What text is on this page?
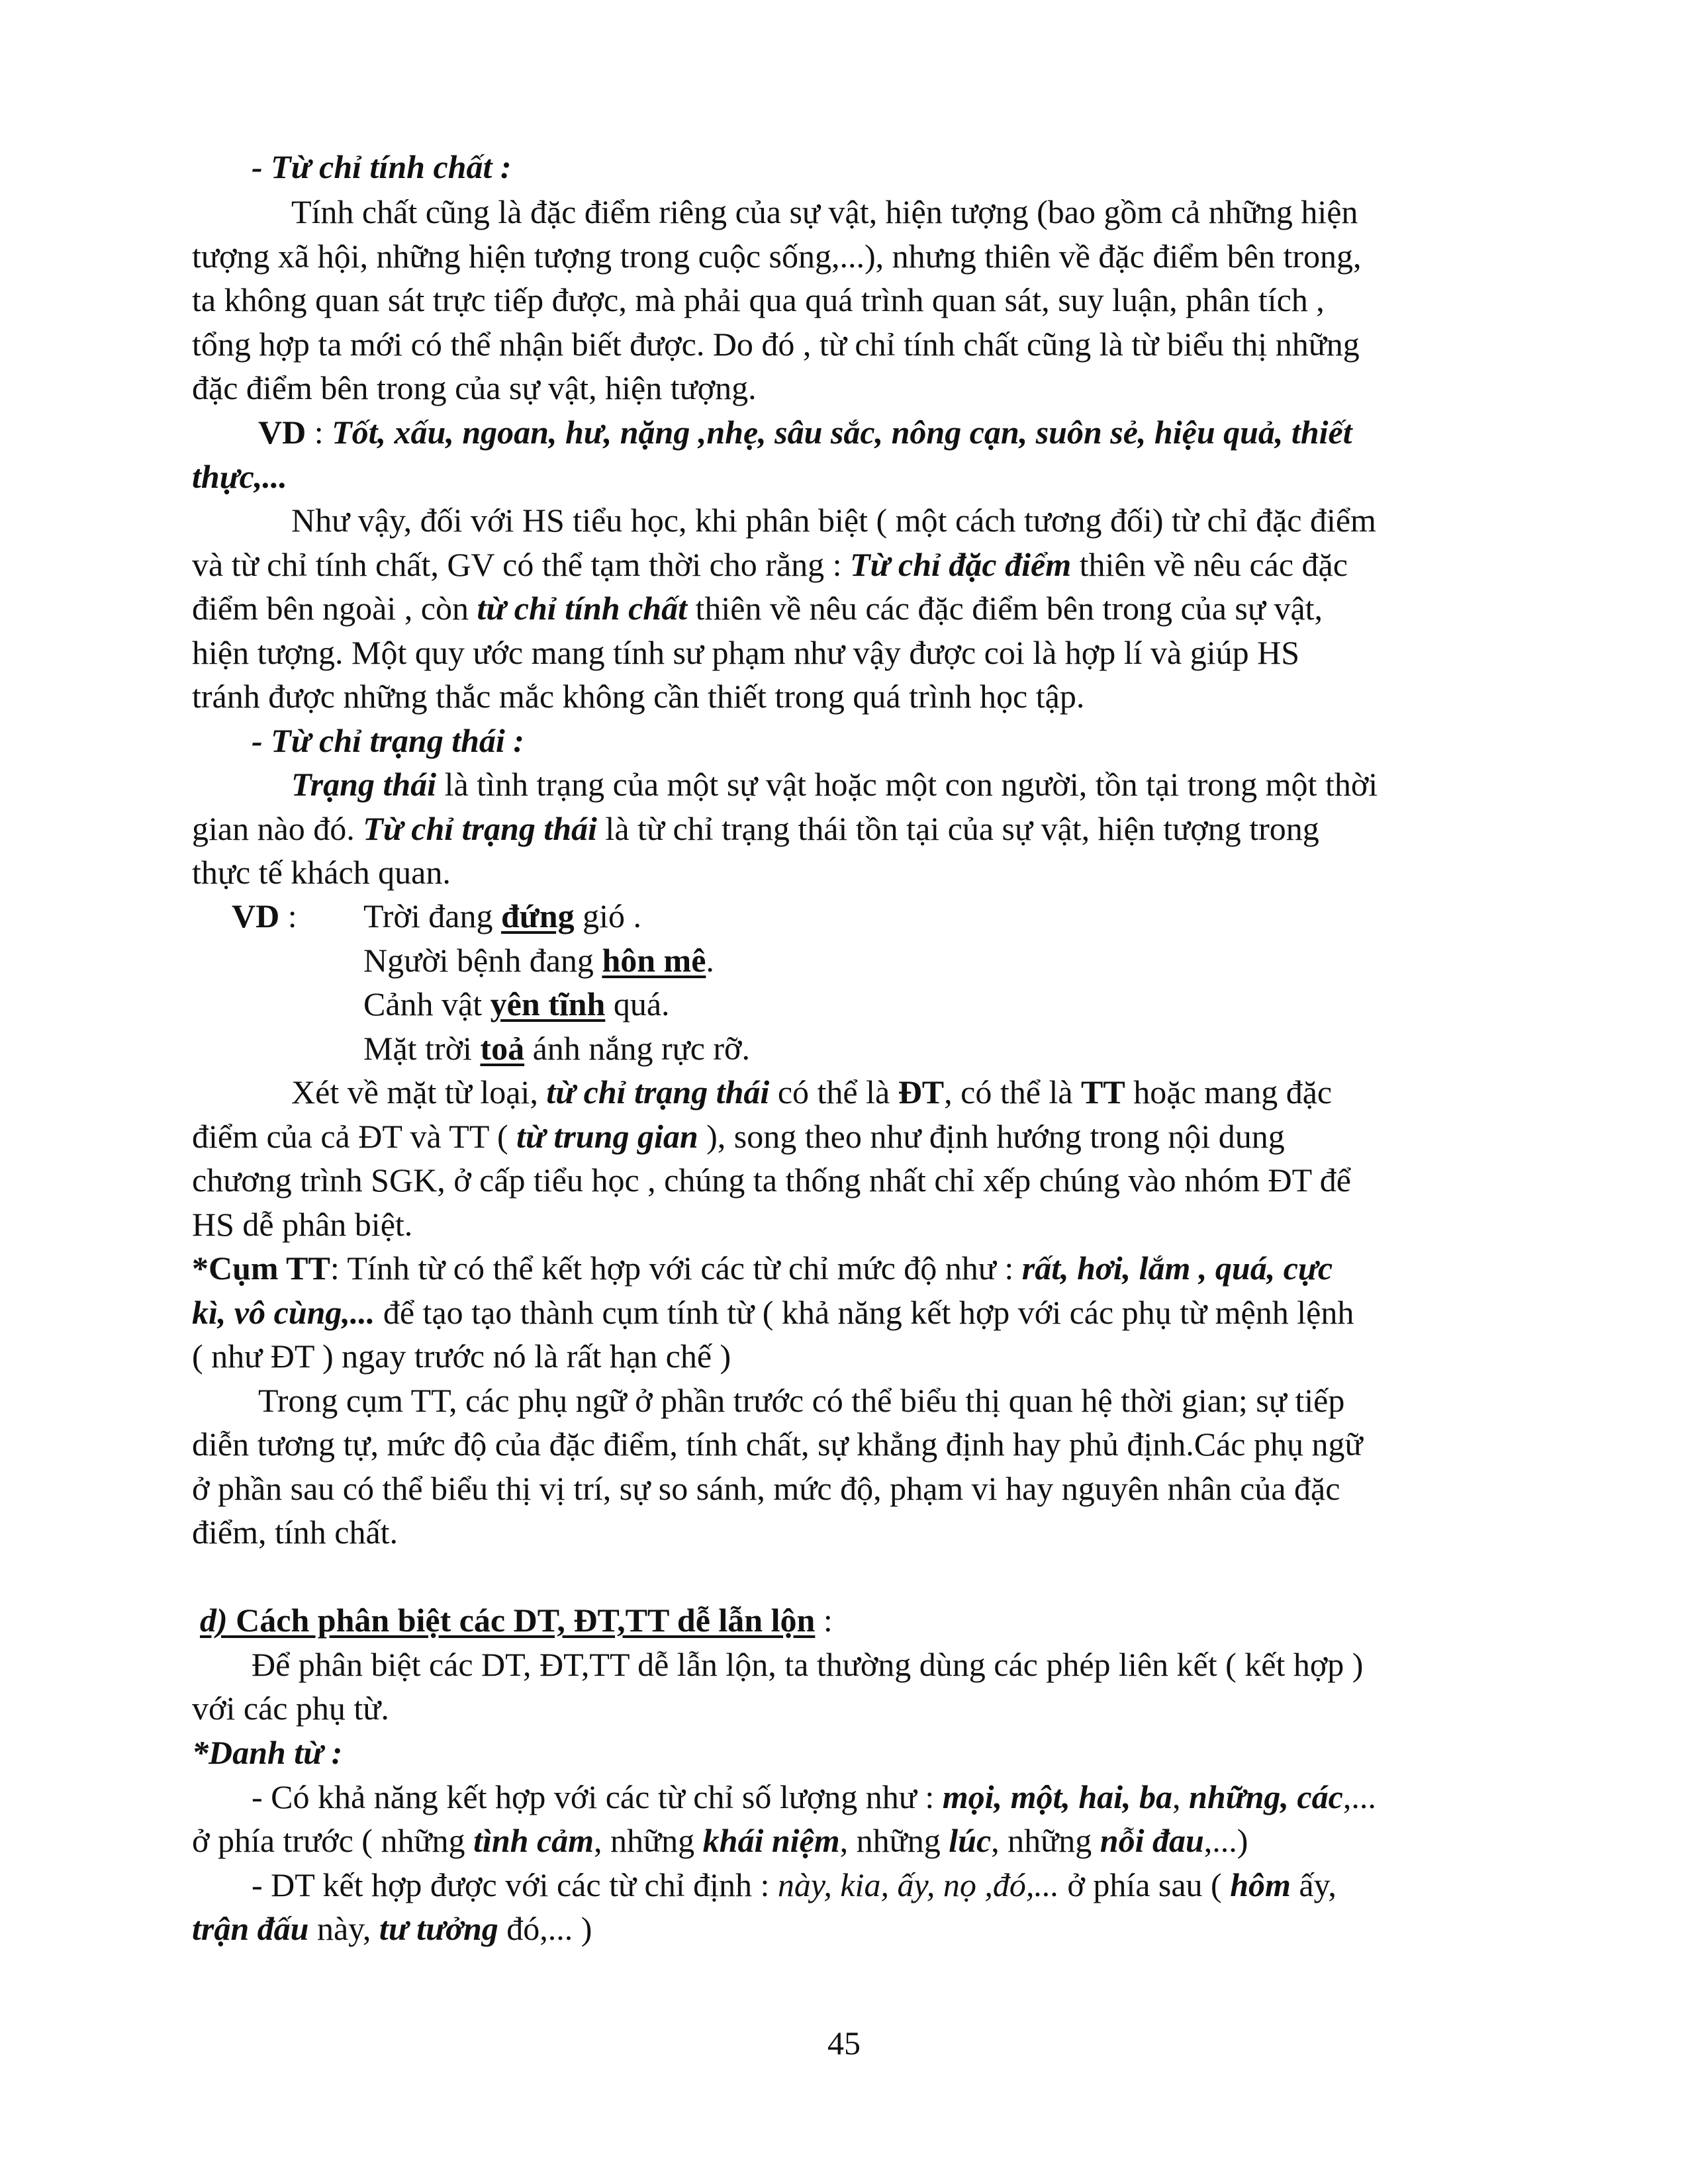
- Từ chỉ tính chất :
Tính chất cũng là đặc điểm riêng của sự vật, hiện tượng (bao gồm cả những hiện
tượng xã hội, những hiện tượng trong cuộc sống,...), nhưng thiên về đặc điểm bên trong,
ta không quan sát trực tiếp được, mà phải qua quá trình quan sát, suy luận, phân tích ,
tổng hợp ta mới có thể nhận biết được. Do đó , từ chỉ tính chất cũng là từ biểu thị những
đặc điểm bên trong của sự vật, hiện tượng.
VD : Tốt, xấu, ngoan, hư, nặng ,nhẹ, sâu sắc, nông cạn, suôn sẻ, hiệu quả, thiết
thực,...
Như vậy, đối với HS tiểu học, khi phân biệt ( một cách tương đối) từ chỉ đặc điểm
và từ chỉ tính chất, GV có thể tạm thời cho rằng : Từ chỉ đặc điểm thiên về nêu các đặc
điểm bên ngoài , còn từ chỉ tính chất thiên về nêu các đặc điểm bên trong của sự vật,
hiện tượng. Một quy ước mang tính sư phạm như vậy được coi là hợp lí và giúp HS
tránh được những thắc mắc không cần thiết trong quá trình học tập.
- Từ chỉ trạng thái :
Trạng thái là tình trạng của một sự vật hoặc một con người, tồn tại trong một thời
gian nào đó. Từ chỉ trạng thái là từ chỉ trạng thái tồn tại của sự vật, hiện tượng trong
thực tế khách quan.
VD : Trời đang đứng gió .
Người bệnh đang hôn mê.
Cảnh vật yên tĩnh quá.
Mặt trời toả ánh nắng rực rỡ.
Xét về mặt từ loại, từ chỉ trạng thái có thể là ĐT, có thể là TT hoặc mang đặc
điểm của cả ĐT và TT ( từ trung gian ), song theo như định hướng trong nội dung
chương trình SGK, ở cấp tiểu học , chúng ta thống nhất chỉ xếp chúng vào nhóm ĐT để
HS dễ phân biệt.
*Cụm TT: Tính từ có thể kết hợp với các từ chỉ mức độ như : rất, hơi, lắm , quá, cực
kì, vô cùng,... để tạo tạo thành cụm tính từ ( khả năng kết hợp với các phụ từ mệnh lệnh
( như ĐT ) ngay trước nó là rất hạn chế )
Trong cụm TT, các phụ ngữ ở phần trước có thể biểu thị quan hệ thời gian; sự tiếp
diễn tương tự, mức độ của đặc điểm, tính chất, sự khẳng định hay phủ định.Các phụ ngữ
ở phần sau có thể biểu thị vị trí, sự so sánh, mức độ, phạm vi hay nguyên nhân của đặc
điểm, tính chất.
d) Cách phân biệt các DT, ĐT,TT dễ lẫn lộn :
Để phân biệt các DT, ĐT,TT dễ lẫn lộn, ta thường dùng các phép liên kết ( kết hợp )
với các phụ từ.
*Danh từ :
- Có khả năng kết hợp với các từ chỉ số lượng như : mọi, một, hai, ba, những, các,...
ở phía trước ( những tình cảm, những khái niệm, những lúc, những nỗi đau,...)
- DT kết hợp được với các từ chỉ định : này, kia, ấy, nọ ,đó,... ở phía sau ( hôm ấy,
trận đấu này, tư tưởng đó,... )
45
